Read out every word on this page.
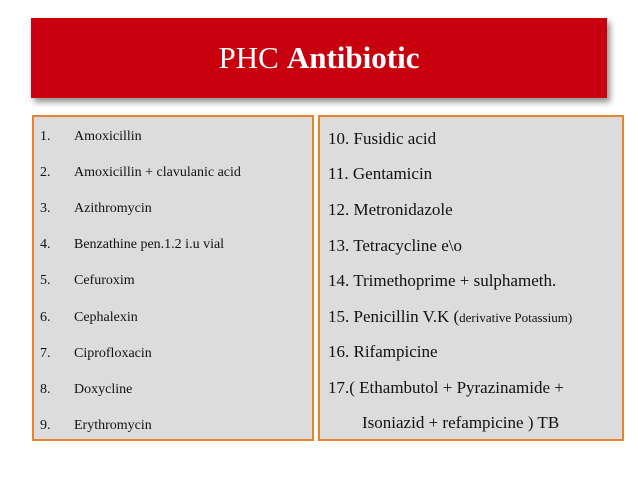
PHC Antibiotic
1. Amoxicillin
2. Amoxicillin + clavulanic acid
3. Azithromycin
4. Benzathine pen.1.2 i.u vial
5. Cefuroxim
6. Cephalexin
7. Ciprofloxacin
8. Doxycline
9. Erythromycin
10. Fusidic acid
11. Gentamicin
12. Metronidazole
13. Tetracycline e\o
14. Trimethoprime + sulphameth.
15. Penicillin V.K (derivative Potassium)
16. Rifampicine
17.( Ethambutol + Pyrazinamide +
Isoniazid + refampicine ) TB
